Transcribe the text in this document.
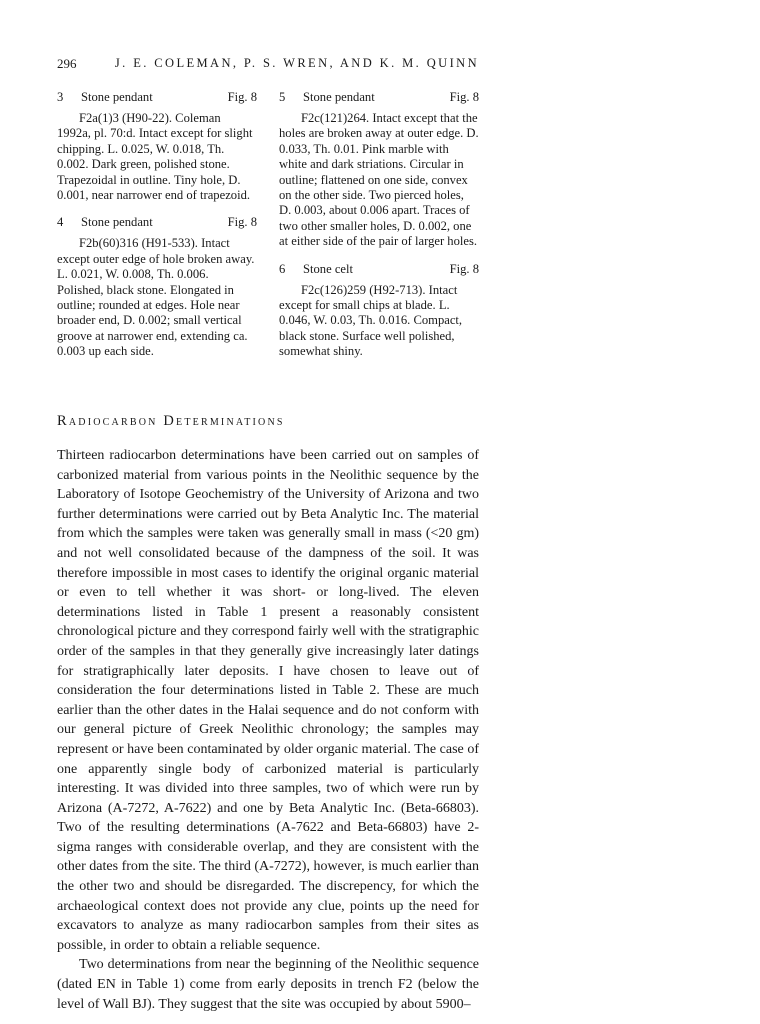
296	J. E. COLEMAN, P. S. WREN, AND K. M. QUINN
3 Stone pendant	Fig. 8
F2a(1)3 (H90-22). Coleman 1992a, pl. 70:d. Intact except for slight chipping. L. 0.025, W. 0.018, Th. 0.002. Dark green, polished stone. Trapezoidal in outline. Tiny hole, D. 0.001, near narrower end of trapezoid.
4 Stone pendant	Fig. 8
F2b(60)316 (H91-533). Intact except outer edge of hole broken away. L. 0.021, W. 0.008, Th. 0.006. Polished, black stone. Elongated in outline; rounded at edges. Hole near broader end, D. 0.002; small vertical groove at narrower end, extending ca. 0.003 up each side.
5 Stone pendant	Fig. 8
F2c(121)264. Intact except that the holes are broken away at outer edge. D. 0.033, Th. 0.01. Pink marble with white and dark striations. Circular in outline; flattened on one side, convex on the other side. Two pierced holes, D. 0.003, about 0.006 apart. Traces of two other smaller holes, D. 0.002, one at either side of the pair of larger holes.
6 Stone celt	Fig. 8
F2c(126)259 (H92-713). Intact except for small chips at blade. L. 0.046, W. 0.03, Th. 0.016. Compact, black stone. Surface well polished, somewhat shiny.
Radiocarbon Determinations

Thirteen radiocarbon determinations have been carried out on samples of carbonized material from various points in the Neolithic sequence by the Laboratory of Isotope Geochemistry of the University of Arizona and two further determinations were carried out by Beta Analytic Inc. The material from which the samples were taken was generally small in mass (<20 gm) and not well consolidated because of the dampness of the soil. It was therefore impossible in most cases to identify the original organic material or even to tell whether it was short- or long-lived. The eleven determinations listed in Table 1 present a reasonably consistent chronological picture and they correspond fairly well with the stratigraphic order of the samples in that they generally give increasingly later datings for stratigraphically later deposits. I have chosen to leave out of consideration the four determinations listed in Table 2. These are much earlier than the other dates in the Halai sequence and do not conform with our general picture of Greek Neolithic chronology; the samples may represent or have been contaminated by older organic material. The case of one apparently single body of carbonized material is particularly interesting. It was divided into three samples, two of which were run by Arizona (A-7272, A-7622) and one by Beta Analytic Inc. (Beta-66803). Two of the resulting determinations (A-7622 and Beta-66803) have 2-sigma ranges with considerable overlap, and they are consistent with the other dates from the site. The third (A-7272), however, is much earlier than the other two and should be disregarded. The discrepency, for which the archaeological context does not provide any clue, points up the need for excavators to analyze as many radiocarbon samples from their sites as possible, in order to obtain a reliable sequence.

Two determinations from near the beginning of the Neolithic sequence (dated EN in Table 1) come from early deposits in trench F2 (below the level of Wall BJ). They suggest that the site was occupied by about 5900–
